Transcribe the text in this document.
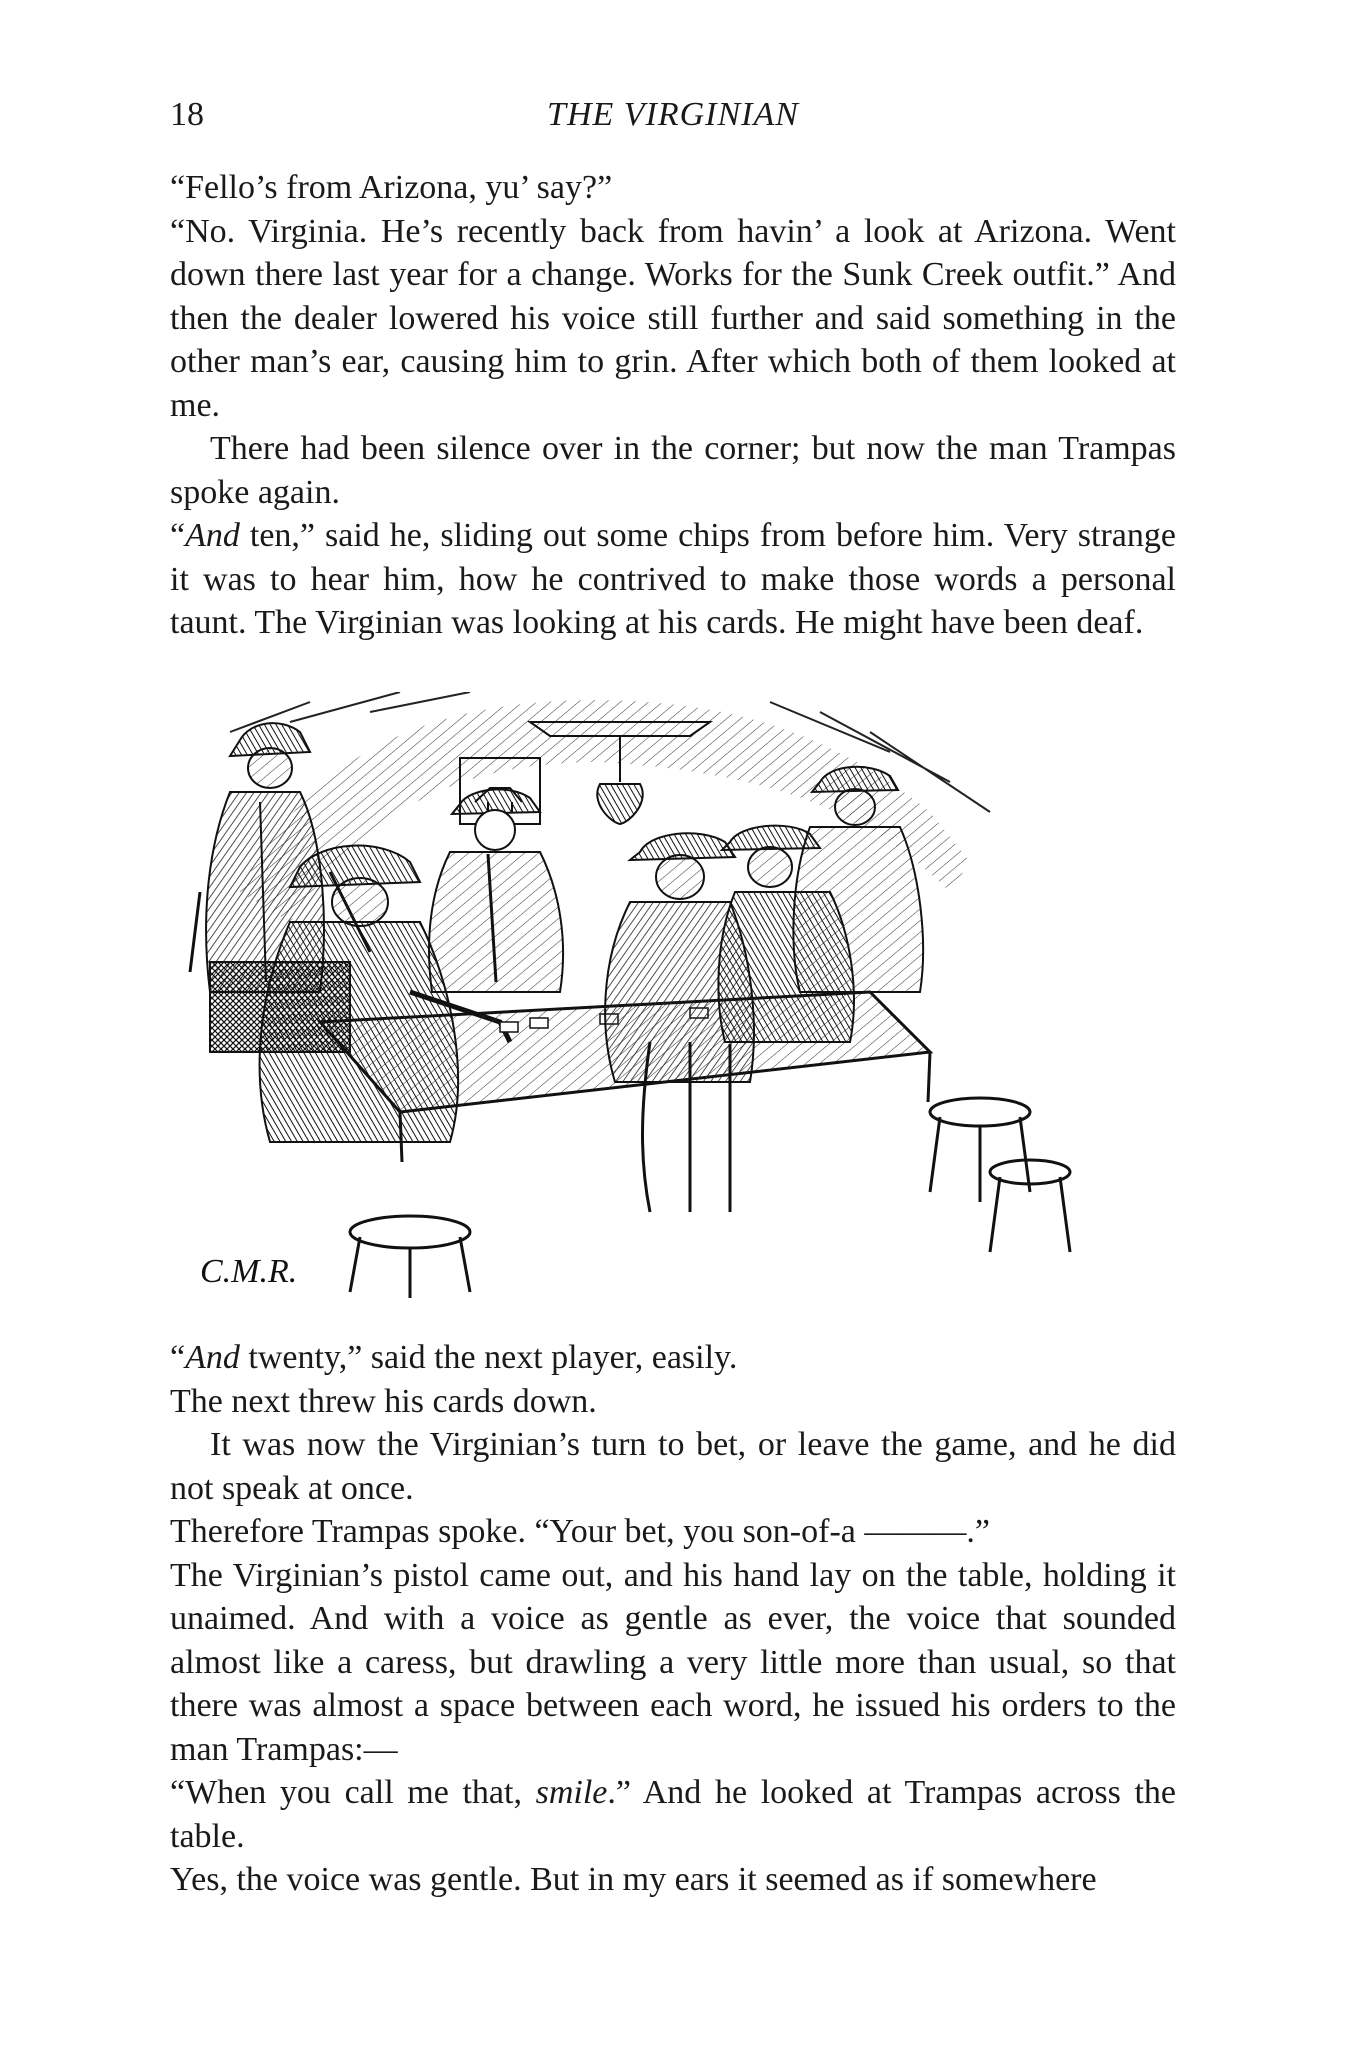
18	THE VIRGINIAN

“Fello’s from Arizona, yu’ say?”

“No. Virginia. He’s recently back from havin’ a look at Arizona. Went down there last year for a change. Works for the Sunk Creek outfit.” And then the dealer lowered his voice still further and said something in the other man’s ear, causing him to grin. After which both of them looked at me.

There had been silence over in the corner; but now the man Trampas spoke again.

“And ten,” said he, sliding out some chips from before him. Very strange it was to hear him, how he contrived to make those words a personal taunt. The Virginian was looking at his cards. He might have been deaf.

C.M.R.

“And twenty,” said the next player, easily.

The next threw his cards down.

It was now the Virginian’s turn to bet, or leave the game, and he did not speak at once.

Therefore Trampas spoke. “Your bet, you son-of-a ———.”

The Virginian’s pistol came out, and his hand lay on the table, holding it unaimed. And with a voice as gentle as ever, the voice that sounded almost like a caress, but drawling a very little more than usual, so that there was almost a space between each word, he issued his orders to the man Trampas:—

“When you call me that, smile.” And he looked at Trampas across the table.

Yes, the voice was gentle. But in my ears it seemed as if somewhere
